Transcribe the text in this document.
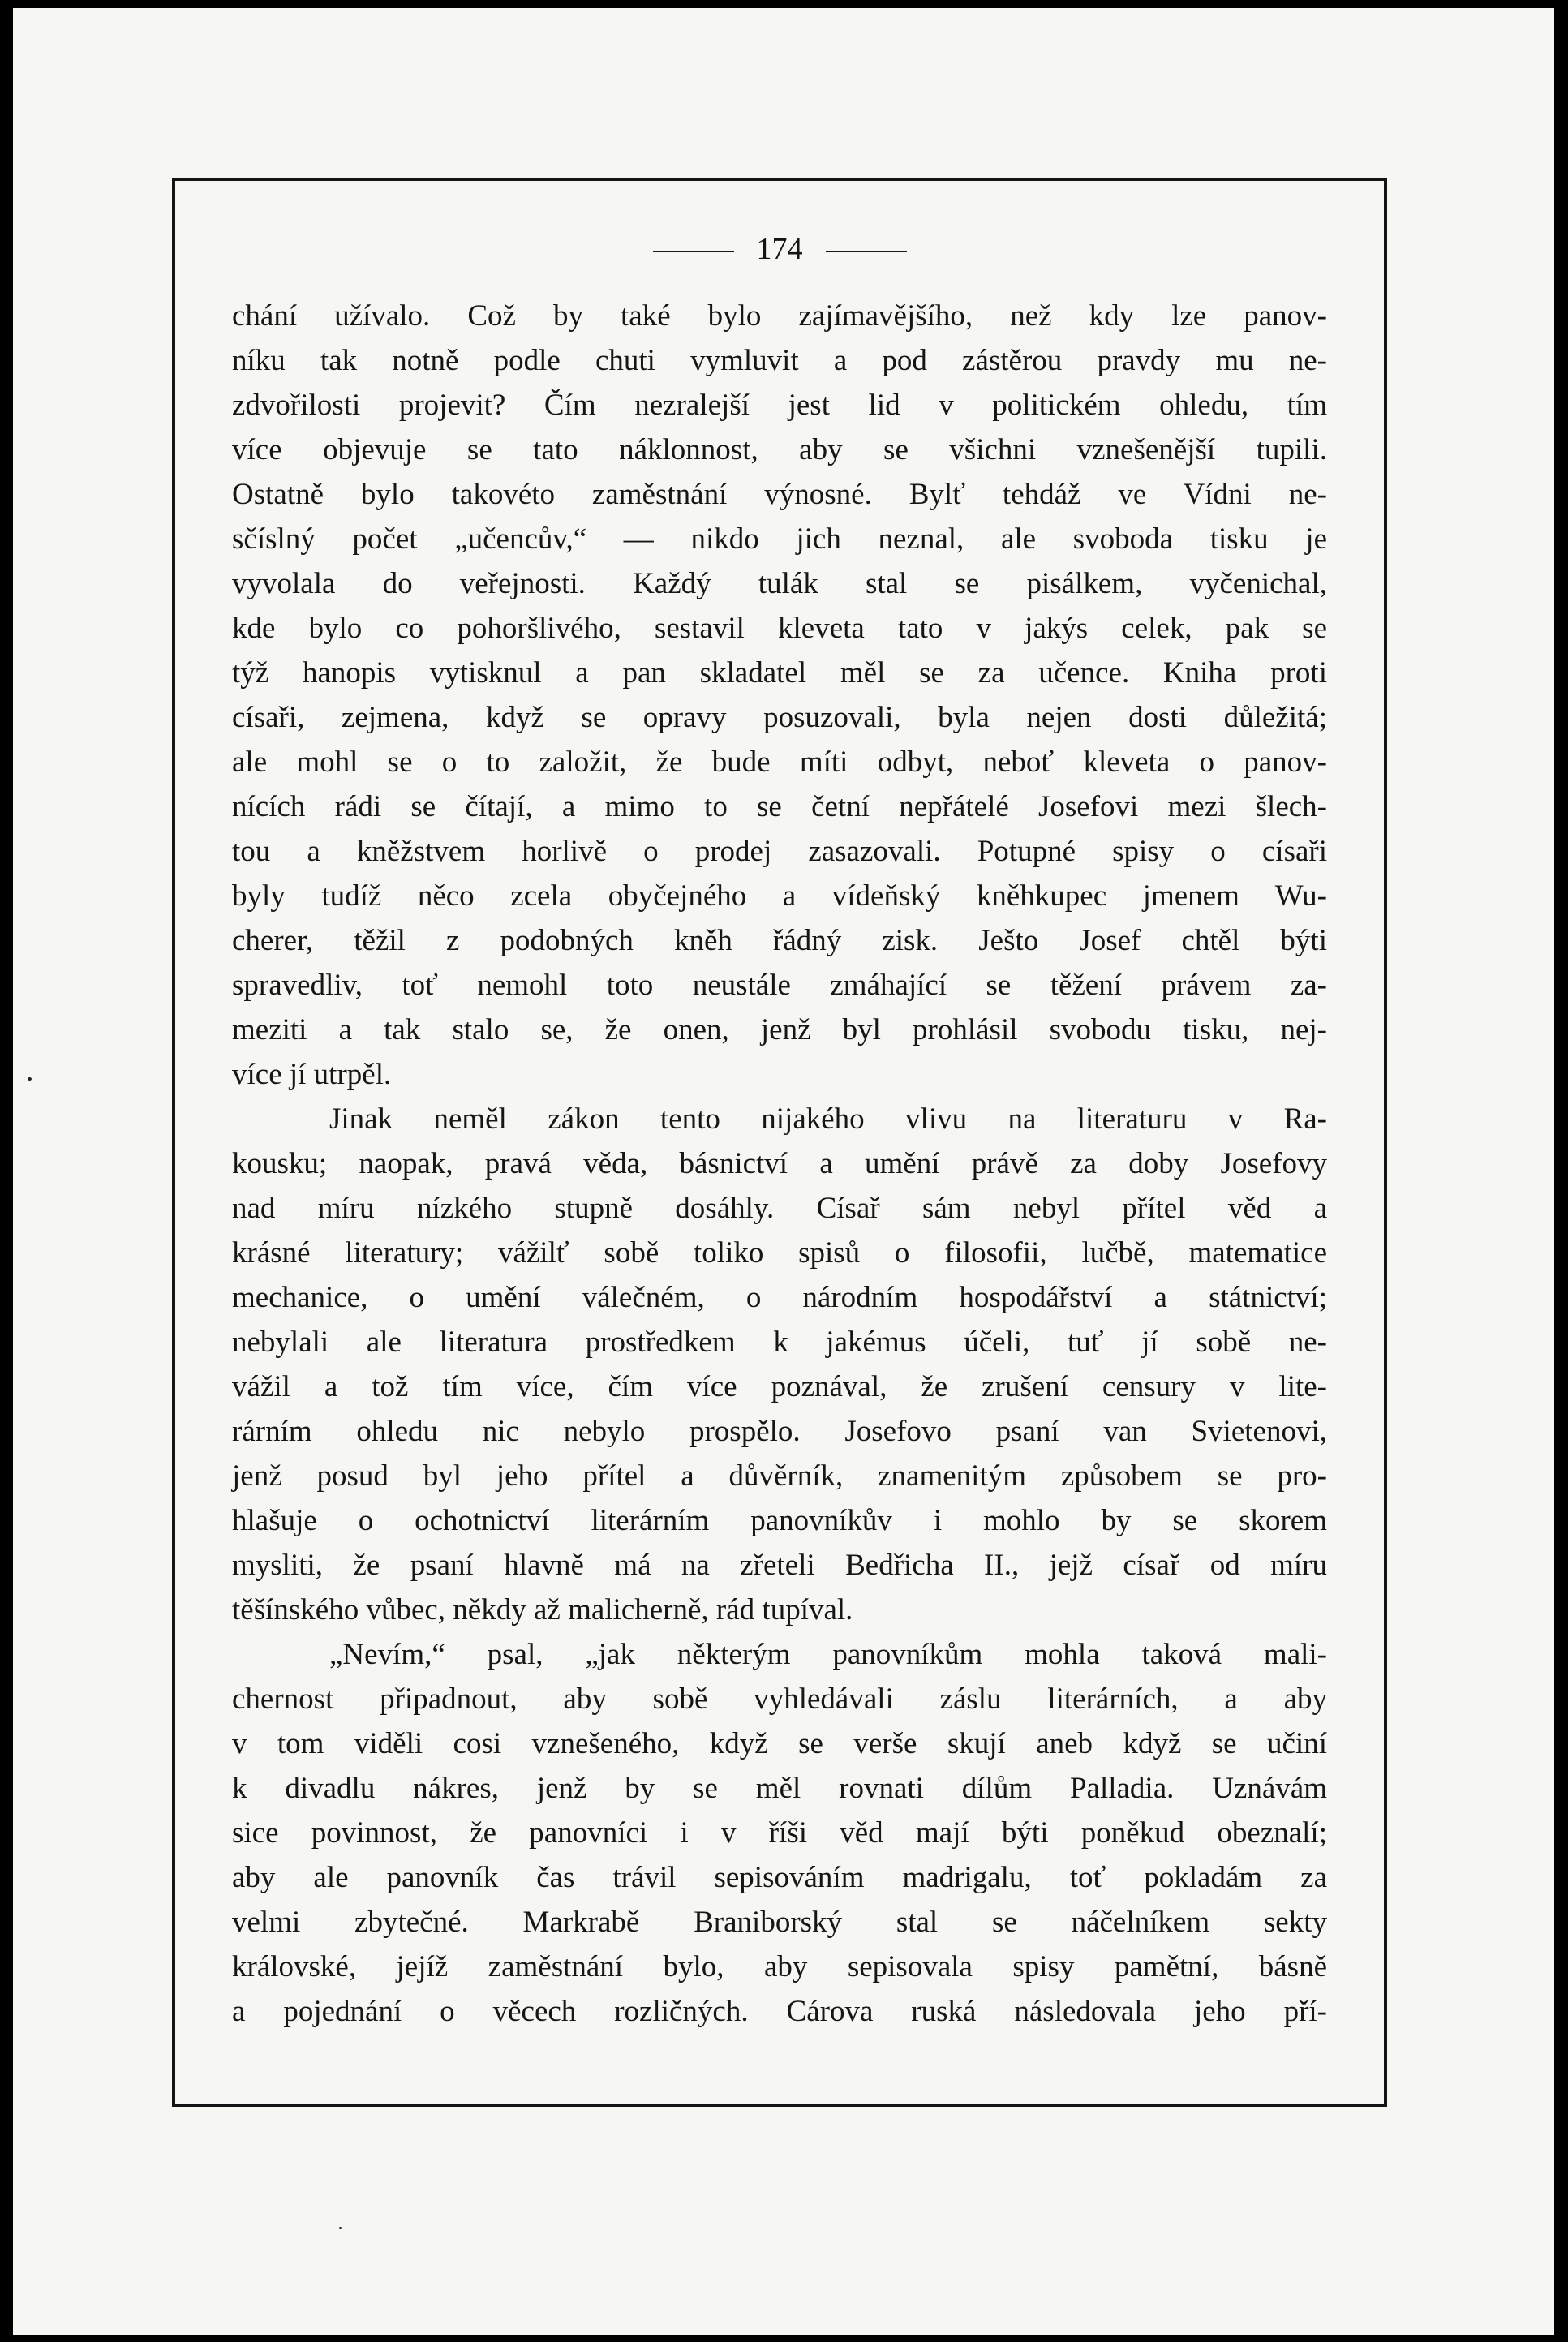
174
chání užívalo. Což by také bylo zajímavějšího, než kdy lze panov-
níku tak notně podle chuti vymluvit a pod zástěrou pravdy mu ne-
zdvořilosti projevit? Čím nezralejší jest lid v politickém ohledu, tím
více objevuje se tato náklonnost, aby se všichni vznešenější tupili.
Ostatně bylo takovéto zaměstnání výnosné. Bylť tehdáž ve Vídni ne-
sčíslný počet „učencův,“ — nikdo jich neznal, ale svoboda tisku je
vyvolala do veřejnosti. Každý tulák stal se pisálkem, vyčenichal,
kde bylo co pohoršlivého, sestavil kleveta tato v jakýs celek, pak se
týž hanopis vytisknul a pan skladatel měl se za učence. Kniha proti
císaři, zejmena, když se opravy posuzovali, byla nejen dosti důležitá;
ale mohl se o to založit, že bude míti odbyt, neboť kleveta o panov-
nících rádi se čítají, a mimo to se četní nepřátelé Josefovi mezi šlech-
tou a kněžstvem horlivě o prodej zasazovali. Potupné spisy o císaři
byly tudíž něco zcela obyčejného a vídeňský kněhkupec jmenem Wu-
cherer, těžil z podobných kněh řádný zisk. Ješto Josef chtěl býti
spravedliv, toť nemohl toto neustále zmáhající se těžení právem za-
meziti a tak stalo se, že onen, jenž byl prohlásil svobodu tisku, nej-
více jí utrpěl.
Jinak neměl zákon tento nijakého vlivu na literaturu v Ra-
kousku; naopak, pravá věda, básnictví a umění právě za doby Josefovy
nad míru nízkého stupně dosáhly. Císař sám nebyl přítel věd a
krásné literatury; vážilť sobě toliko spisů o filosofii, lučbě, matematice
mechanice, o umění válečném, o národním hospodářství a státnictví;
nebylali ale literatura prostředkem k jakémus účeli, tuť jí sobě ne-
vážil a tož tím více, čím více poznával, že zrušení censury v lite-
rárním ohledu nic nebylo prospělo. Josefovo psaní van Svietenovi,
jenž posud byl jeho přítel a důvěrník, znamenitým způsobem se pro-
hlašuje o ochotnictví literárním panovníkův i mohlo by se skorem
mysliti, že psaní hlavně má na zřeteli Bedřicha II., jejž císař od míru
těšínského vůbec, někdy až malicherně, rád tupíval.
„Nevím,“ psal, „jak některým panovníkům mohla taková mali-
chernost připadnout, aby sobě vyhledávali záslu literárních, a aby
v tom viděli cosi vznešeného, když se verše skují aneb když se učiní
k divadlu nákres, jenž by se měl rovnati dílům Palladia. Uznávám
sice povinnost, že panovníci i v říši věd mají býti poněkud obeznalí;
aby ale panovník čas trávil sepisováním madrigalu, toť pokladám za
velmi zbytečné. Markrabě Braniborský stal se náčelníkem sekty
královské, jejíž zaměstnání bylo, aby sepisovala spisy pamětní, básně
a pojednání o věcech rozličných. Cárova ruská následovala jeho pří-
